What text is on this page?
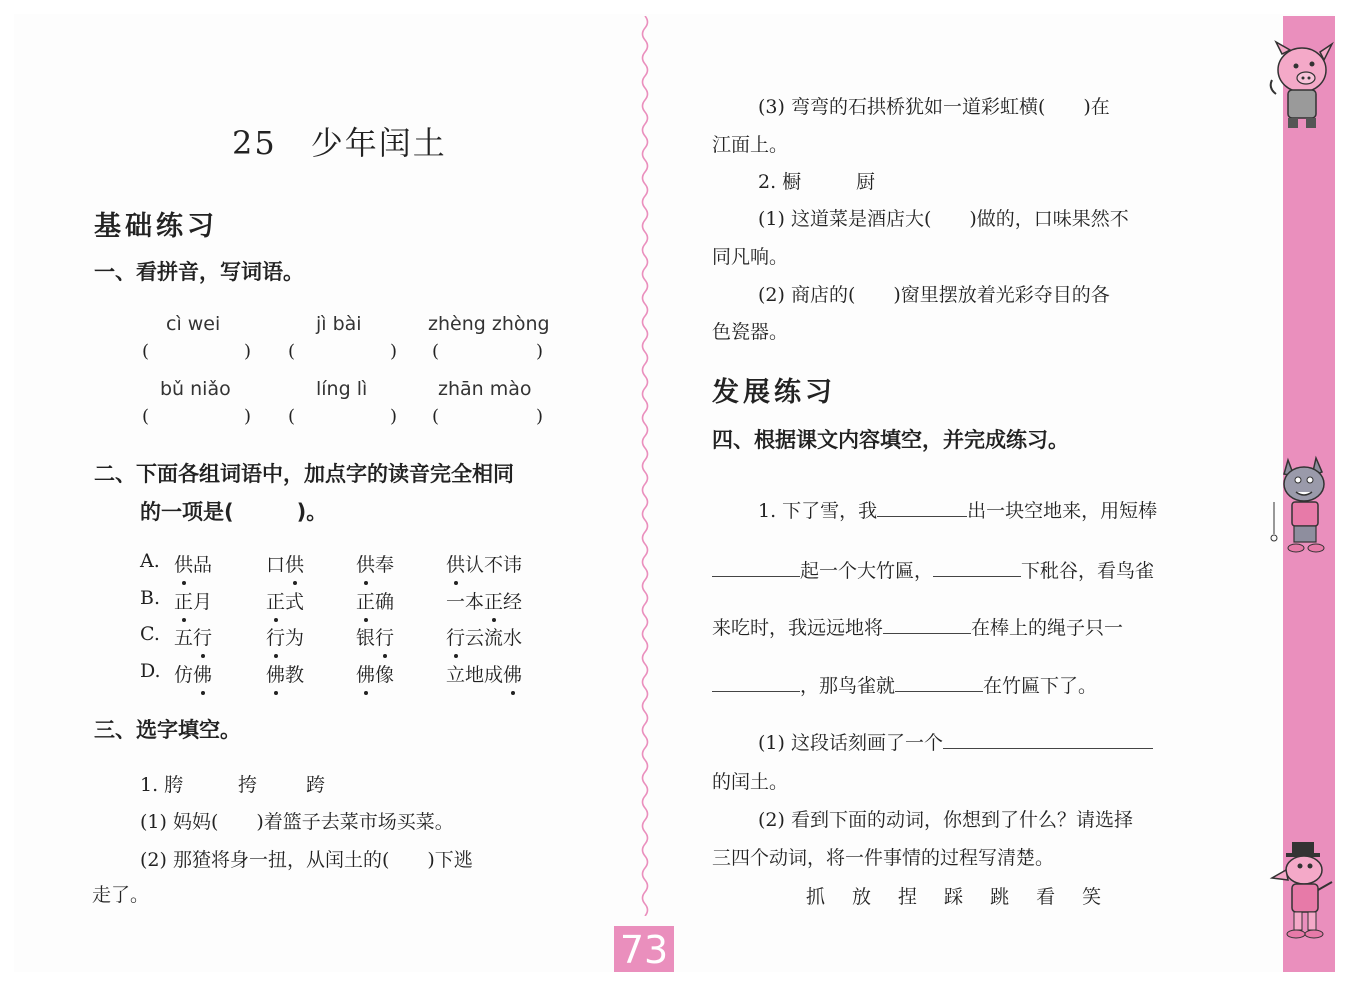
25 少年闰土
基础练习
一、看拼音，写词语。
cì wei	jì bài	zhèng zhòng
(	) (	) (	)
bǔ niǎo	líng lì	zhān mào
(	) (	) (	)
二、下面各组词语中，加点字的读音完全相同
的一项是(　　　)。
A. 供品	口供	供奉	供认不讳
B. 正月	正式	正确	一本正经
C. 五行	行为	银行	行云流水
D. 仿佛	佛教	佛像	立地成佛
三、选字填空。
1. 胯	挎	跨
(1) 妈妈(　　)着篮子去菜市场买菜。
(2) 那猹将身一扭，从闰土的(　　)下逃
走了。
(3) 弯弯的石拱桥犹如一道彩虹横(　　)在
江面上。
2. 橱	厨
(1) 这道菜是酒店大(　　)做的，口味果然不
同凡响。
(2) 商店的(　　)窗里摆放着光彩夺目的各
色瓷器。
发展练习
四、根据课文内容填空，并完成练习。
1. 下了雪，我	出一块空地来，用短棒
起一个大竹匾，	下秕谷，看鸟雀
来吃时，我远远地将	在棒上的绳子只一
，那鸟雀就	在竹匾下了。
(1) 这段话刻画了一个
的闰土。
(2) 看到下面的动词，你想到了什么？请选择
三四个动词，将一件事情的过程写清楚。
抓 放 捏 踩 跳 看 笑
73
